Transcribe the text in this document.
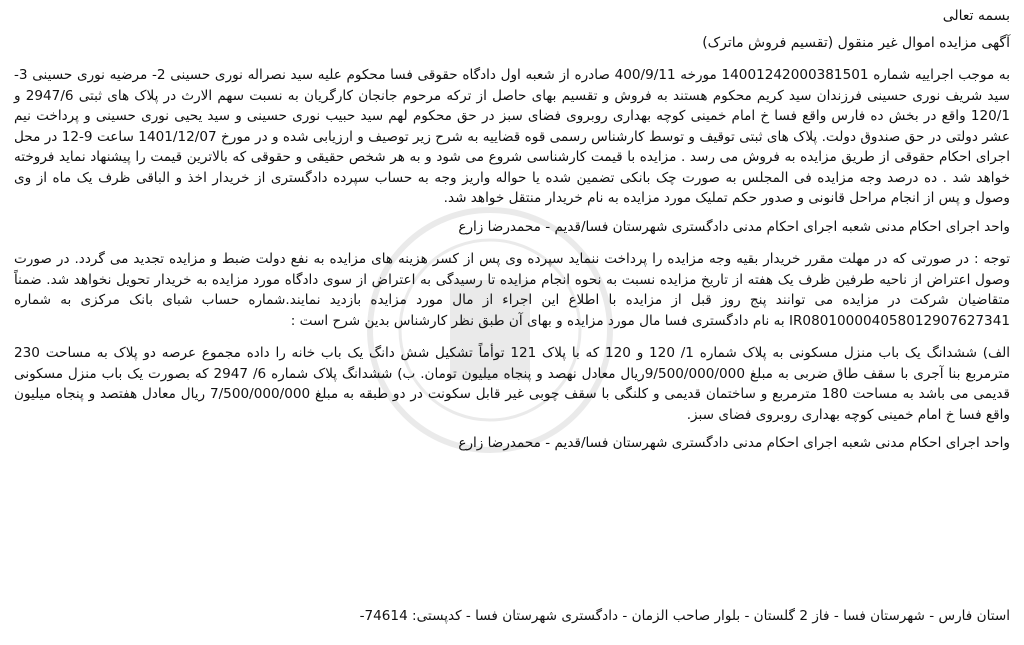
بسمه تعالی

آگهی مزایده اموال غیر منقول (تقسیم فروش ماترک)

به موجب اجراییه شماره 14001242000381501 مورخه 400/9/11 صادره از شعبه اول دادگاه حقوقی فسا محکوم علیه سید نصراله نوری حسینی 2- مرضیه نوری حسینی 3- سید شریف نوری حسینی فرزندان سید کریم محکوم هستند به فروش و تقسیم بهای حاصل از ترکه مرحوم جانجان کارگریان به نسبت سهم الارث در پلاک های ثبتی 2947/6 و 120/1 واقع در بخش ده فارس واقع فسا خ امام خمینی کوچه بهداری روبروی فضای سبز در حق محکوم لهم سید حبیب نوری حسینی و سید یحیی نوری حسینی و پرداخت نیم عشر دولتی در حق صندوق دولت. پلاک های ثبتی توقیف و توسط کارشناس رسمی قوه قضاییه به شرح زیر توصیف و ارزیابی شده و در مورخ 1401/12/07 ساعت 9-12 در محل اجرای احکام حقوقی از طریق مزایده به فروش می رسد . مزایده با قیمت کارشناسی شروع می شود و به هر شخص حقیقی و حقوقی که بالاترین قیمت را پیشنهاد نماید فروخته خواهد شد . ده درصد وجه مزایده فی المجلس به صورت چک بانکی تضمین شده یا حواله واریز وجه به حساب سپرده دادگستری از خریدار اخذ و الباقی ظرف یک ماه از وی وصول و پس از انجام مراحل قانونی و صدور حکم تملیک مورد مزایده به نام خریدار منتقل خواهد شد.

واحد اجرای احکام مدنی شعبه اجرای احکام مدنی دادگستری شهرستان فسا/قدیم - محمدرضا زارع

توجه : در صورتی که در مهلت مقرر خریدار بقیه وجه مزایده را پرداخت ننماید سپرده وی پس از کسر هزینه های مزایده به نفع دولت ضبط و مزایده تجدید می گردد. در صورت وصول اعتراض از ناحیه طرفین ظرف یک هفته از تاریخ مزایده نسبت به نحوه انجام مزایده تا رسیدگی به اعتراض از سوی دادگاه مورد مزایده به خریدار تحویل نخواهد شد. ضمناً متقاضیان شرکت در مزایده می توانند پنج روز قبل از مزایده با اطلاع این اجراء از مال مورد مزایده بازدید نمایند.شماره حساب شبای بانک مرکزی به شماره IR080100004058012907627341 به نام دادگستری فسا مال مورد مزایده و بهای آن طبق نظر کارشناس بدین شرح است :

الف) ششدانگ یک باب منزل مسکونی به پلاک شماره 1/ 120 و 120 که با پلاک 121 توأماً تشکیل شش دانگ یک باب خانه را داده مجموع عرصه دو پلاک به مساحت 230 مترمربع بنا آجری با سقف طاق ضربی به مبلغ 9/500/000/000ریال معادل نهصد و پنجاه میلیون تومان. ب) ششدانگ پلاک شماره 6/ 2947 که بصورت یک باب منزل مسکونی قدیمی می باشد به مساحت 180 مترمربع و ساختمان قدیمی و کلنگی با سقف چوبی غیر قابل سکونت در دو طبقه به مبلغ 7/500/000/000 ریال معادل هفتصد و پنجاه میلیون واقع فسا خ امام خمینی کوچه بهداری روبروی فضای سبز.

واحد اجرای احکام مدنی شعبه اجرای احکام مدنی دادگستری شهرستان فسا/قدیم - محمدرضا زارع

استان فارس - شهرستان فسا - فاز 2 گلستان - بلوار صاحب الزمان - دادگستری شهرستان فسا - کدپستی: 74614-
